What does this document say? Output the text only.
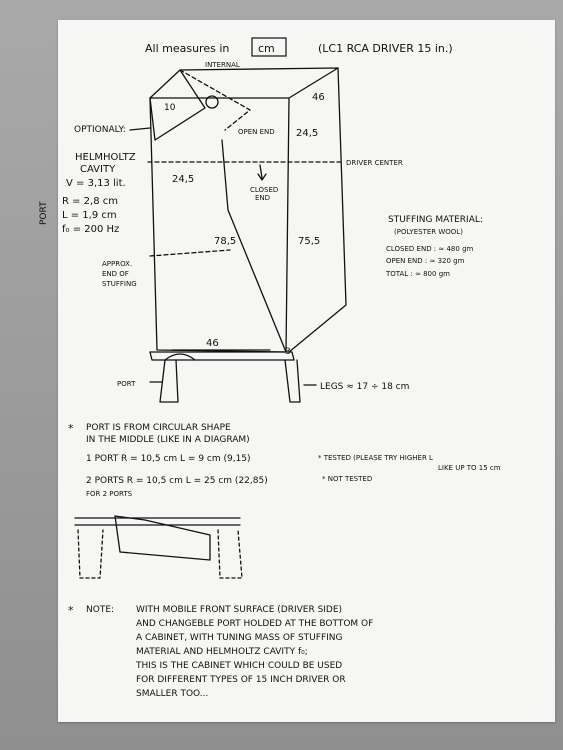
All measures in	cm	(LC1 RCA DRIVER 15 in.)
INTERNAL
OPTIONALY:
HELMHOLTZ
CAVITY
V = 3,13 lit.
PORT R = 2,8 cm
L = 1,9 cm
f₀ = 200 Hz
10
46
OPEN END 24,5
DRIVER CENTER
24,5
CLOSED
END
APPROX.
END OF
STUFFING
78,5	75,5
46
3
PORT	LEGS ≈ 17 ÷ 18 cm
STUFFING MATERIAL:
(POLYESTER WOOL)
CLOSED END : ≈ 480 gm
OPEN END : ≈ 320 gm
TOTAL : ≈ 800 gm
* PORT IS FROM CIRCULAR SHAPE
IN THE MIDDLE (LIKE IN A DIAGRAM)
1 PORT R = 10,5 cm L = 9 cm (9,15)	* TESTED (PLEASE TRY HIGHER L
LIKE UP TO 15 cm
2 PORTS R = 10,5 cm L = 25 cm (22,85)	* NOT TESTED
FOR 2 PORTS
* NOTE: WITH MOBILE FRONT SURFACE (DRIVER SIDE)
AND CHANGEBLE PORT HOLDED AT THE BOTTOM OF
A CABINET, WITH TUNING MASS OF STUFFING
MATERIAL AND HELMHOLTZ CAVITY f₀;
THIS IS THE CABINET WHICH COULD BE USED
FOR DIFFERENT TYPES OF 15 INCH DRIVER OR
SMALLER TOO...
